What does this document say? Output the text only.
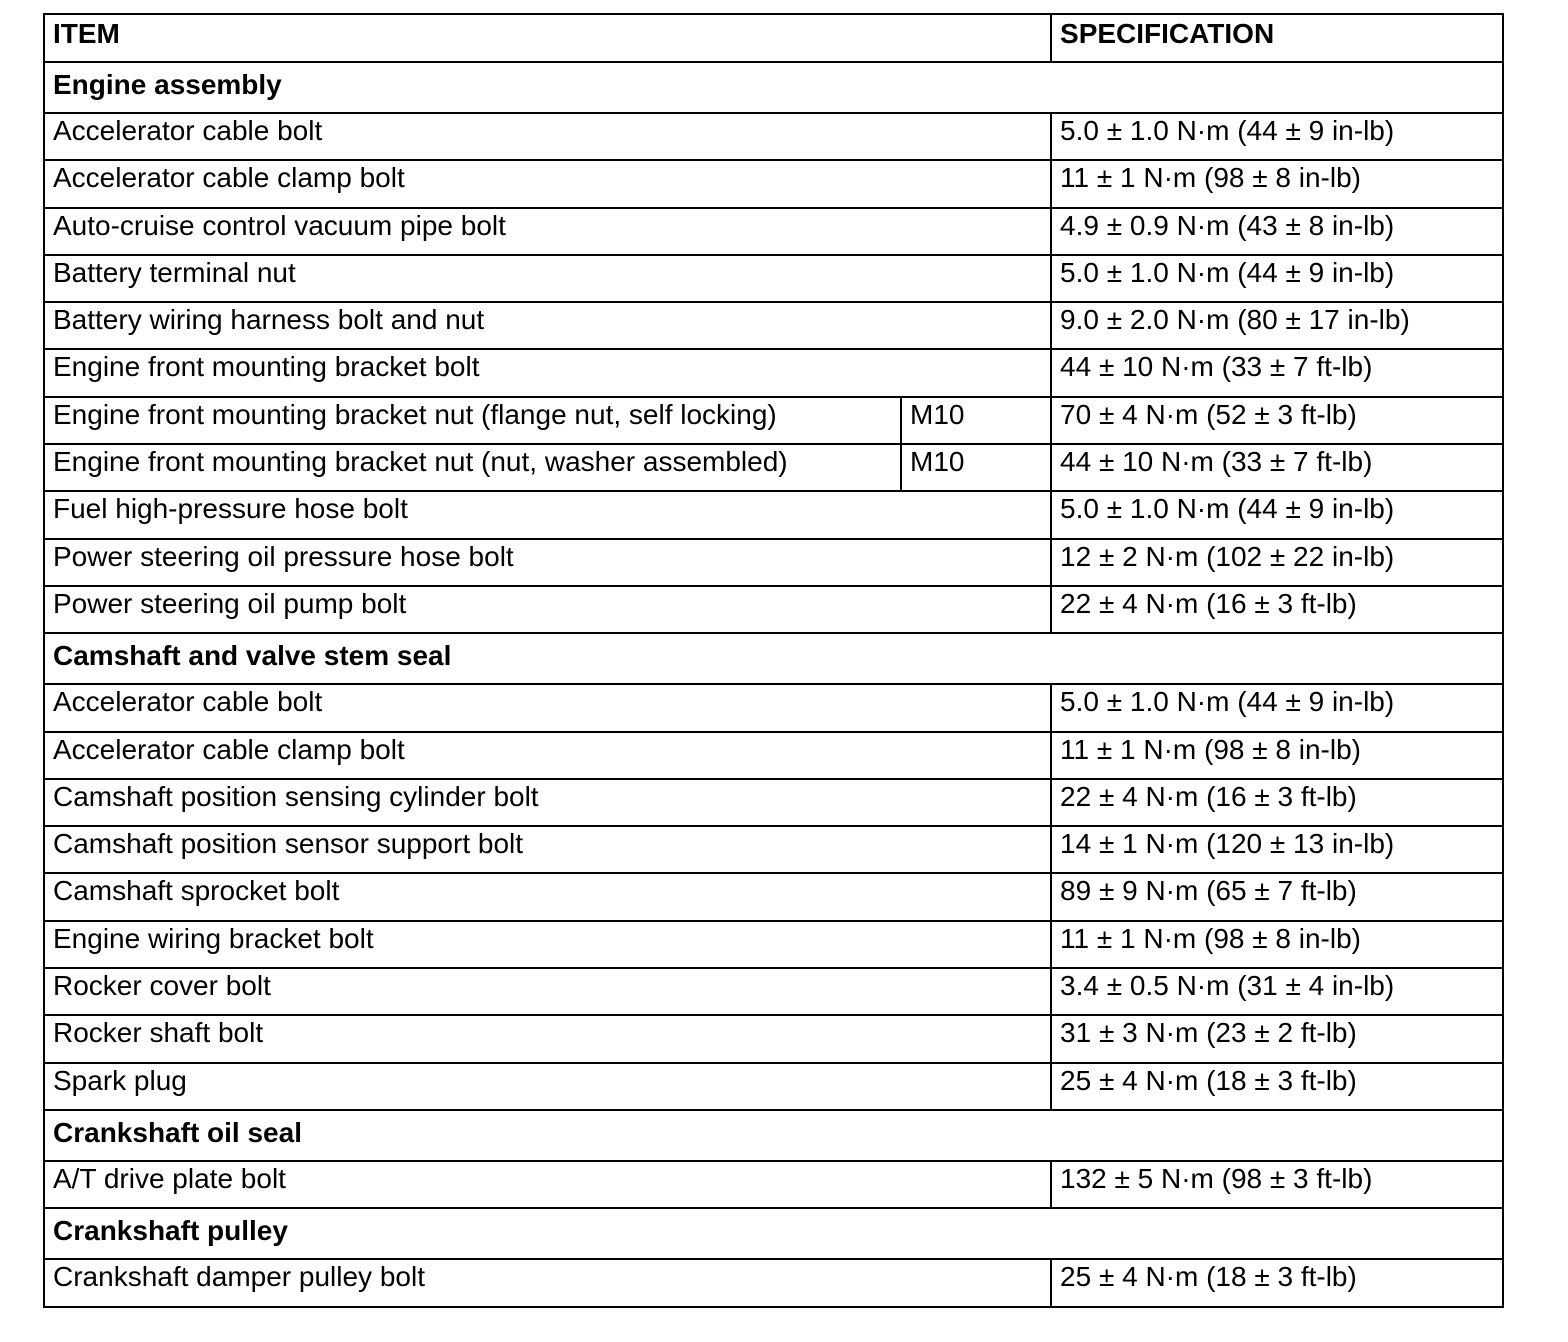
ITEM		SPECIFICATION
Engine assembly		
Accelerator cable bolt		5.0 ± 1.0 N·m (44 ± 9 in-lb)
Accelerator cable clamp bolt		11 ± 1 N·m (98 ± 8 in-lb)
Auto-cruise control vacuum pipe bolt		4.9 ± 0.9 N·m (43 ± 8 in-lb)
Battery terminal nut		5.0 ± 1.0 N·m (44 ± 9 in-lb)
Battery wiring harness bolt and nut		9.0 ± 2.0 N·m (80 ± 17 in-lb)
Engine front mounting bracket bolt		44 ± 10 N·m (33 ± 7 ft-lb)
Engine front mounting bracket nut (flange nut, self locking)	M10	70 ± 4 N·m (52 ± 3 ft-lb)
Engine front mounting bracket nut (nut, washer assembled)	M10	44 ± 10 N·m (33 ± 7 ft-lb)
Fuel high-pressure hose bolt		5.0 ± 1.0 N·m (44 ± 9 in-lb)
Power steering oil pressure hose bolt		12 ± 2 N·m (102 ± 22 in-lb)
Power steering oil pump bolt		22 ± 4 N·m (16 ± 3 ft-lb)
Camshaft and valve stem seal		
Accelerator cable bolt		5.0 ± 1.0 N·m (44 ± 9 in-lb)
Accelerator cable clamp bolt		11 ± 1 N·m (98 ± 8 in-lb)
Camshaft position sensing cylinder bolt		22 ± 4 N·m (16 ± 3 ft-lb)
Camshaft position sensor support bolt		14 ± 1 N·m (120 ± 13 in-lb)
Camshaft sprocket bolt		89 ± 9 N·m (65 ± 7 ft-lb)
Engine wiring bracket bolt		11 ± 1 N·m (98 ± 8 in-lb)
Rocker cover bolt		3.4 ± 0.5 N·m (31 ± 4 in-lb)
Rocker shaft bolt		31 ± 3 N·m (23 ± 2 ft-lb)
Spark plug		25 ± 4 N·m (18 ± 3 ft-lb)
Crankshaft oil seal		
A/T drive plate bolt		132 ± 5 N·m (98 ± 3 ft-lb)
Crankshaft pulley		
Crankshaft damper pulley bolt		25 ± 4 N·m (18 ± 3 ft-lb)
